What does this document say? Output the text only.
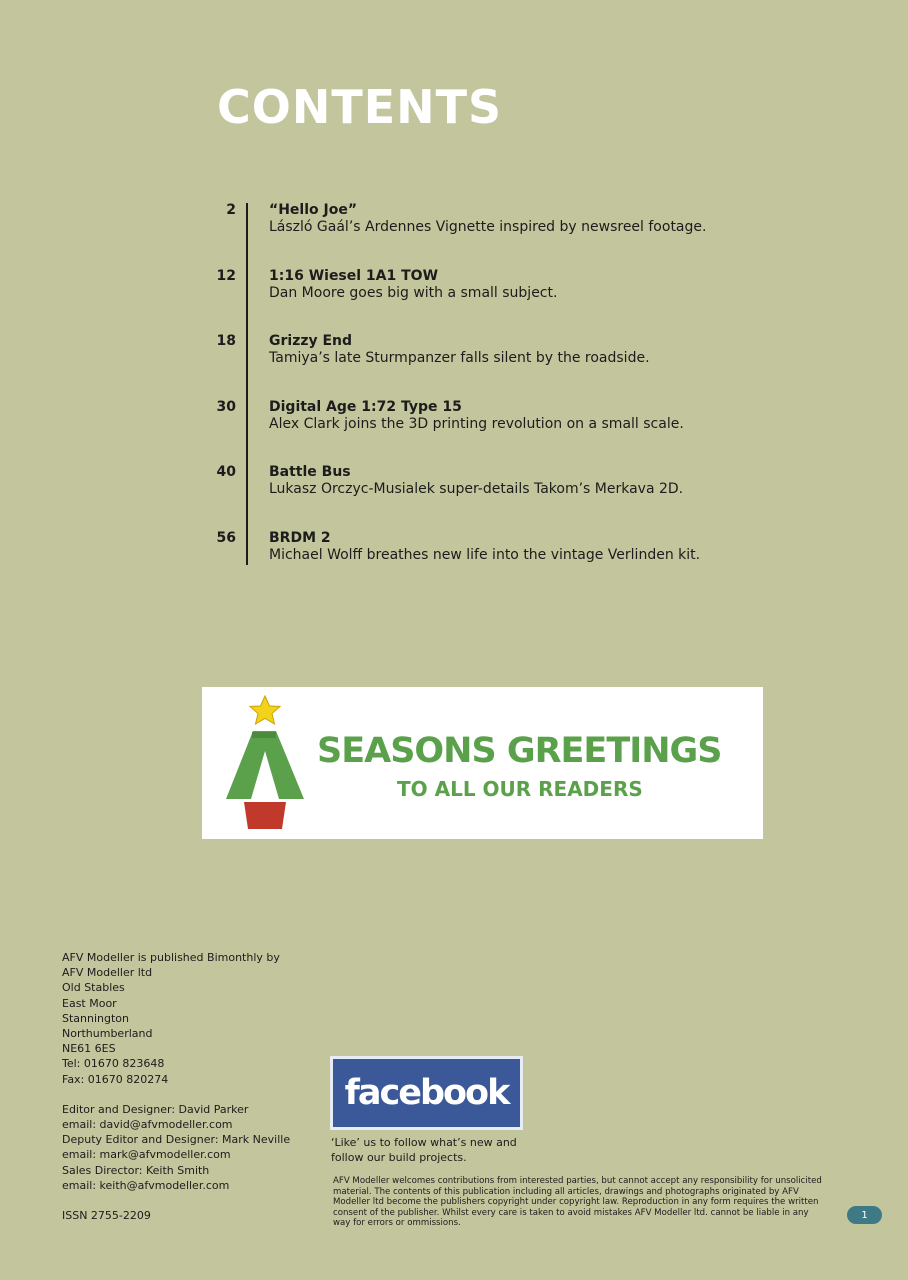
CONTENTS
2 “Hello Joe”
László Gaál’s Ardennes Vignette inspired by newsreel footage.
12 1:16 Wiesel 1A1 TOW
Dan Moore goes big with a small subject.
18 Grizzy End
Tamiya’s late Sturmpanzer falls silent by the roadside.
30 Digital Age 1:72 Type 15
Alex Clark joins the 3D printing revolution on a small scale.
40 Battle Bus
Lukasz Orczyc-Musialek super-details Takom’s Merkava 2D.
56 BRDM 2
Michael Wolff breathes new life into the vintage Verlinden kit.
SEASONS GREETINGS
TO ALL OUR READERS
AFV Modeller is published Bimonthly by
AFV Modeller ltd
Old Stables
East Moor
Stannington
Northumberland
NE61 6ES
Tel: 01670 823648
Fax: 01670 820274
Editor and Designer: David Parker
email: david@afvmodeller.com
Deputy Editor and Designer: Mark Neville
email: mark@afvmodeller.com
Sales Director: Keith Smith
email: keith@afvmodeller.com
ISSN 2755-2209
facebook
‘Like’ us to follow what’s new and
follow our build projects.
AFV Modeller welcomes contributions from interested parties, but cannot accept any responsibility for unsolicited material. The contents of this publication including all articles, drawings and photographs originated by AFV Modeller ltd become the publishers copyright under copyright law. Reproduction in any form requires the written consent of the publisher. Whilst every care is taken to avoid mistakes AFV Modeller ltd. cannot be liable in any way for errors or ommissions.
1
